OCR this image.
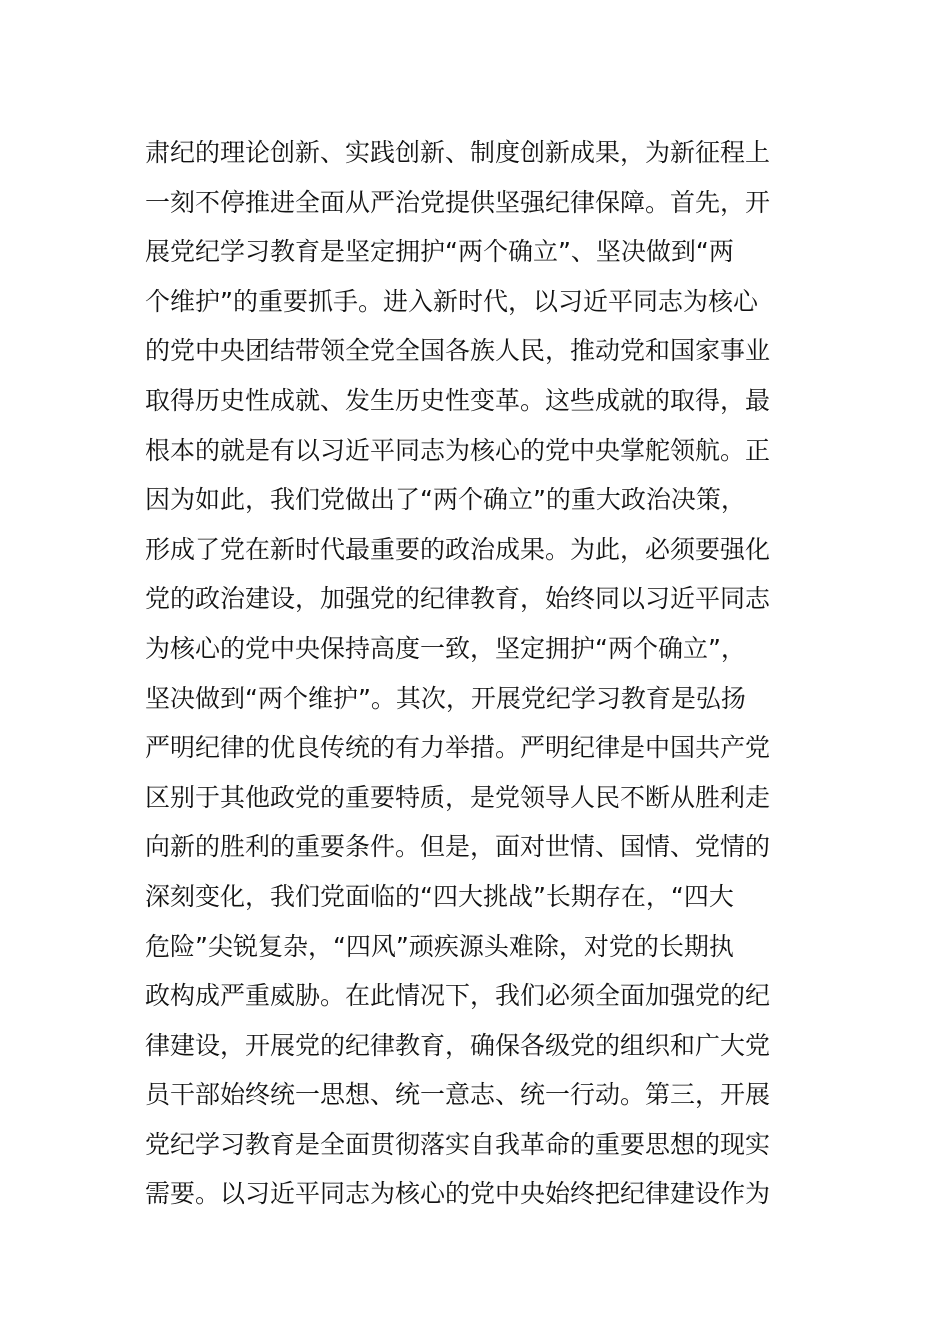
肃纪的理论创新、实践创新、制度创新成果，为新征程上
一刻不停推进全面从严治党提供坚强纪律保障。首先，开
展党纪学习教育是坚定拥护“两个确立”、坚决做到“两
个维护”的重要抓手。进入新时代，以习近平同志为核心
的党中央团结带领全党全国各族人民，推动党和国家事业
取得历史性成就、发生历史性变革。这些成就的取得，最
根本的就是有以习近平同志为核心的党中央掌舵领航。正
因为如此，我们党做出了“两个确立”的重大政治决策，
形成了党在新时代最重要的政治成果。为此，必须要强化
党的政治建设，加强党的纪律教育，始终同以习近平同志
为核心的党中央保持高度一致，坚定拥护“两个确立”，
坚决做到“两个维护”。其次，开展党纪学习教育是弘扬
严明纪律的优良传统的有力举措。严明纪律是中国共产党
区别于其他政党的重要特质，是党领导人民不断从胜利走
向新的胜利的重要条件。但是，面对世情、国情、党情的
深刻变化，我们党面临的“四大挑战”长期存在，“四大
危险”尖锐复杂，“四风”顽疾源头难除，对党的长期执
政构成严重威胁。在此情况下，我们必须全面加强党的纪
律建设，开展党的纪律教育，确保各级党的组织和广大党
员干部始终统一思想、统一意志、统一行动。第三，开展
党纪学习教育是全面贯彻落实自我革命的重要思想的现实
需要。以习近平同志为核心的党中央始终把纪律建设作为
